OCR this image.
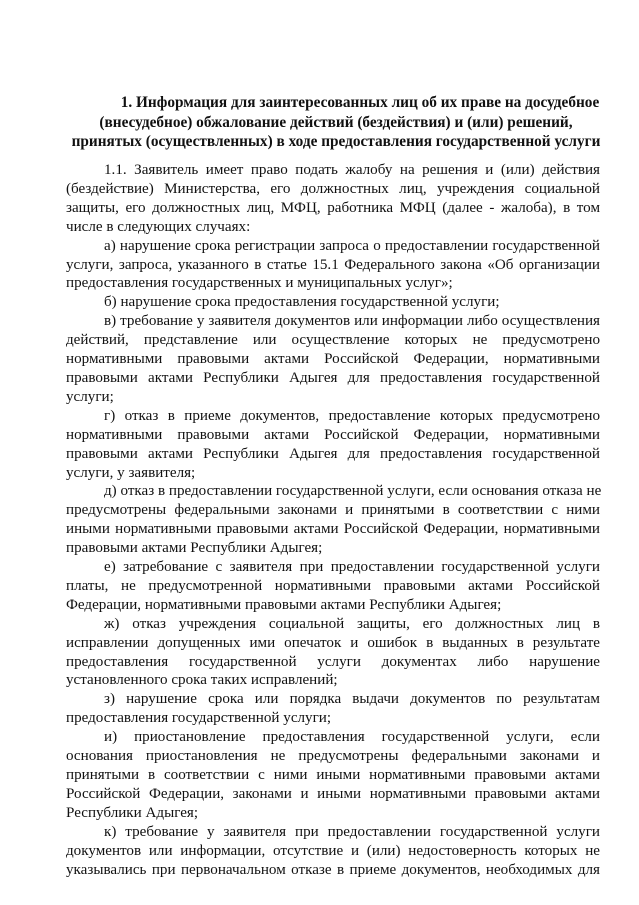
1. Информация для заинтересованных лиц об их праве на досудебное
(внесудебное) обжалование действий (бездействия) и (или) решений,
принятых (осуществленных) в ходе предоставления государственной услуги

1.1. Заявитель имеет право подать жалобу на решения и (или) действия
(бездействие) Министерства, его должностных лиц, учреждения социальной
защиты, его должностных лиц, МФЦ, работника МФЦ (далее - жалоба), в том
числе в следующих случаях:

а) нарушение срока регистрации запроса о предоставлении государственной
услуги, запроса, указанного в статье 15.1 Федерального закона «Об организации
предоставления государственных и муниципальных услуг»;

б) нарушение срока предоставления государственной услуги;

в) требование у заявителя документов или информации либо осуществления
действий, представление или осуществление которых не предусмотрено
нормативными правовыми актами Российской Федерации, нормативными
правовыми актами Республики Адыгея для предоставления государственной
услуги;

г) отказ в приеме документов, предоставление которых предусмотрено
нормативными правовыми актами Российской Федерации, нормативными
правовыми актами Республики Адыгея для предоставления государственной
услуги, у заявителя;

д) отказ в предоставлении государственной услуги, если основания отказа не
предусмотрены федеральными законами и принятыми в соответствии с ними
иными нормативными правовыми актами Российской Федерации, нормативными
правовыми актами Республики Адыгея;

е) затребование с заявителя при предоставлении государственной услуги
платы, не предусмотренной нормативными правовыми актами Российской
Федерации, нормативными правовыми актами Республики Адыгея;

ж) отказ учреждения социальной защиты, его должностных лиц в
исправлении допущенных ими опечаток и ошибок в выданных в результате
предоставления государственной услуги документах либо нарушение
установленного срока таких исправлений;

з) нарушение срока или порядка выдачи документов по результатам
предоставления государственной услуги;

и) приостановление предоставления государственной услуги, если
основания приостановления не предусмотрены федеральными законами и
принятыми в соответствии с ними иными нормативными правовыми актами
Российской Федерации, законами и иными нормативными правовыми актами
Республики Адыгея;

к) требование у заявителя при предоставлении государственной услуги
документов или информации, отсутствие и (или) недостоверность которых не
указывались при первоначальном отказе в приеме документов, необходимых для
